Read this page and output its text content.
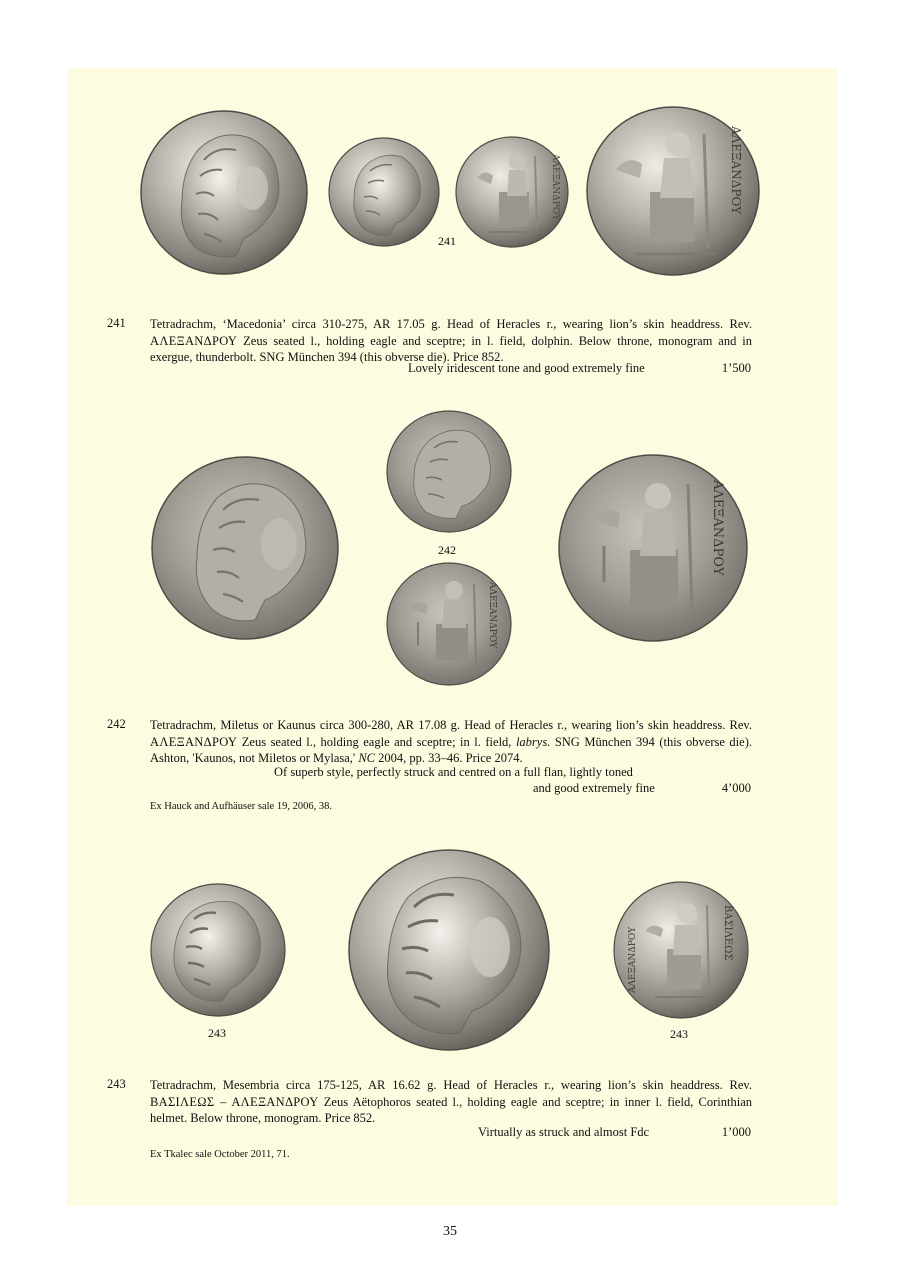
ΑΛΕΞΑΝΔΡΟΥ	ΑΛΕΞΑΝΔΡΟΥ
241
241 Tetradrachm, ‘Macedonia’ circa 310-275, AR 17.05 g. Head of Heracles r., wearing lion’s skin headdress. Rev. ΑΛΕΞΑΝΔΡΟΥ Zeus seated l., holding eagle and sceptre; in l. field, dolphin. Below throne, monogram and in exergue, thunderbolt. SNG München 394 (this obverse die). Price 852.
Lovely iridescent tone and good extremely fine	1’500
242
ΑΛΕΞΑΝΔΡΟΥ
ΑΛΕΞΑΝΔΡΟΥ
242 Tetradrachm, Miletus or Kaunus circa 300-280, AR 17.08 g. Head of Heracles r., wearing lion’s skin headdress. Rev. ΑΛΕΞΑΝΔΡΟΥ Zeus seated l., holding eagle and sceptre; in l. field, labrys. SNG München 394 (this obverse die). Ashton, 'Kaunos, not Miletos or Mylasa,' NC 2004, pp. 33–46. Price 2074.
Of superb style, perfectly struck and centred on a full flan, lightly toned
and good extremely fine	4’000
Ex Hauck and Aufhäuser sale 19, 2006, 38.
243
ΒΑΣΙΛΕΩΣ
ΑΛΕΞΑΝΔΡΟΥ
243
243 Tetradrachm, Mesembria circa 175-125, AR 16.62 g. Head of Heracles r., wearing lion’s skin headdress. Rev. ΒΑΣΙΛΕΩΣ – ΑΛΕΞΑΝΔΡΟΥ Zeus Aëtophoros seated l., holding eagle and sceptre; in inner l. field, Corinthian helmet. Below throne, monogram. Price 852.
Virtually as struck and almost Fdc	1’000
Ex Tkalec sale October 2011, 71.
35
